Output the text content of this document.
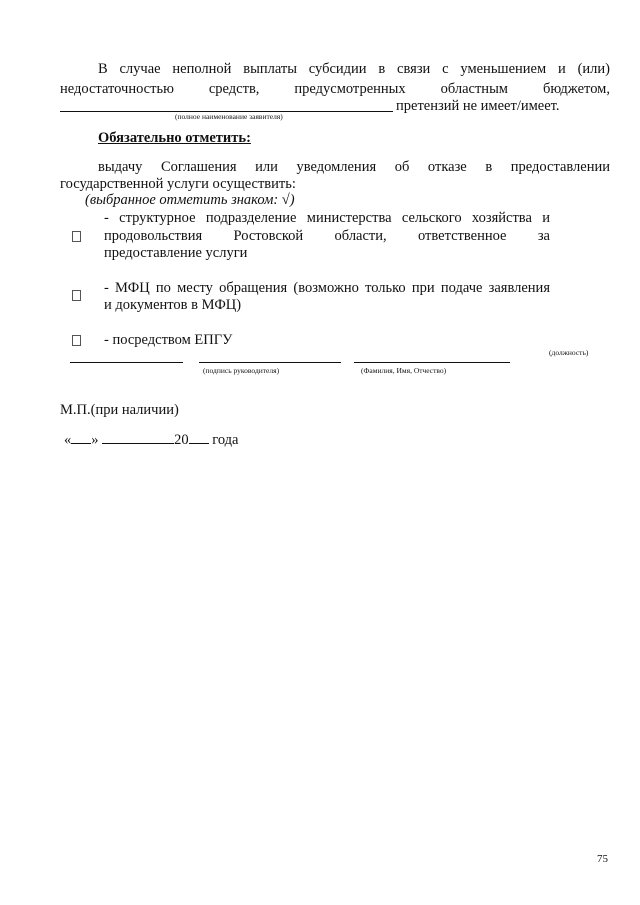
В случае неполной выплаты субсидии в связи с уменьшением и (или)
недостаточностью средств, предусмотренных областным бюджетом,
претензий не имеет/имеет.
(полное наименование заявителя)
Обязательно отметить:
выдачу Соглашения или уведомления об отказе в предоставлении
государственной услуги осуществить:
(выбранное отметить знаком: √)
- структурное подразделение министерства сельского хозяйства и
продовольствия Ростовской области, ответственное за
предоставление услуги
- МФЦ по месту обращения (возможно только при подаче заявления
и документов в МФЦ)
- посредством ЕПГУ
(должность)
(подпись руководителя)	(Фамилия, Имя, Отчество)
М.П.(при наличии)
« »	20 года
75
